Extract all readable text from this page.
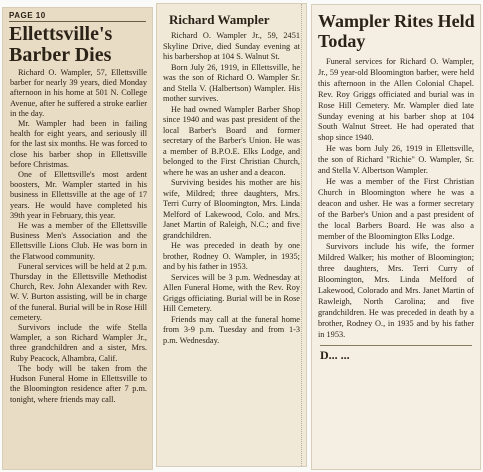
PAGE 10
Ellettsville's Barber Dies

Richard O. Wampler, 57, Ellettsville barber for nearly 39 years, died Monday afternoon in his home at 501 N. College Avenue, after he suffered a stroke earlier in the day.

Mr. Wampler had been in failing health for eight years, and seriously ill for the last six months. He was forced to close his barber shop in Ellettsville before Christmas.

One of Ellettsville's most ardent boosters, Mr. Wampler started in his business in Ellettsville at the age of 17 years. He would have completed his 39th year in February, this year.

He was a member of the Ellettsville Business Men's Association and the Ellettsville Lions Club. He was born in the Flatwood community.

Funeral services will be held at 2 p.m. Thursday in the Ellettsville Methodist Church, Rev. John Alexander with Rev. W. V. Burton assisting, will be in charge of the funeral. Burial will be in Rose Hill cemetery.

Survivors include the wife Stella Wampler, a son Richard Wampler Jr., three grandchildren and a sister, Mrs. Ruby Peacock, Alhambra, Calif.

The body will be taken from the Hudson Funeral Home in Ellettsville to the Bloomington residence after 7 p.m. tonight, where friends may call.

Richard Wampler

Richard O. Wampler Jr., 59, 2451 Skyline Drive, died Sunday evening at his barbershop at 104 S. Walnut St.

Born July 26, 1919, in Ellettsville, he was the son of Richard O. Wampler Sr. and Stella V. (Halbertson) Wampler. His mother survives.

He had owned Wampler Barber Shop since 1940 and was past president of the local Barber's Board and former secretary of the Barber's Union. He was a member of B.P.O.E. Elks Lodge, and belonged to the First Christian Church, where he was an usher and a deacon.

Surviving besides his mother are his wife, Mildred; three daughters, Mrs. Terri Curry of Bloomington, Mrs. Linda Melford of Lakewood, Colo. and Mrs. Janet Martin of Raleigh, N.C.; and five grandchildren.

He was preceded in death by one brother, Rodney O. Wampler, in 1935; and by his father in 1953.

Services will be 3 p.m. Wednesday at Allen Funeral Home, with the Rev. Roy Griggs officiating. Burial will be in Rose Hill Cemetery.

Friends may call at the funeral home from 3-9 p.m. Tuesday and from 1-3 p.m. Wednesday.

Wampler Rites Held Today

Funeral services for Richard O. Wampler, Jr., 59 year-old Bloomington barber, were held this afternoon in the Allen Colonial Chapel. Rev. Roy Griggs officiated and burial was in Rose Hill Cemetery. Mr. Wampler died late Sunday evening at his barber shop at 104 South Walnut Street. He had operated that shop since 1940.

He was born July 26, 1919 in Ellettsville, the son of Richard "Richie" O. Wampler, Sr. and Stella V. Albertson Wampler.

He was a member of the First Christian Church in Bloomington where he was a deacon and usher. He was a former secretary of the Barber's Union and a past president of the local Barbers Board. He was also a member of the Bloomington Elks Lodge.

Survivors include his wife, the former Mildred Walker; his mother of Bloomington; three daughters, Mrs. Terri Curry of Bloomington, Mrs. Linda Melford of Lakewood, Colorado and Mrs. Janet Martin of Rawleigh, North Carolina; and five grandchildren. He was preceded in death by a brother, Rodney O., in 1935 and by his father in 1953.

D... ...
